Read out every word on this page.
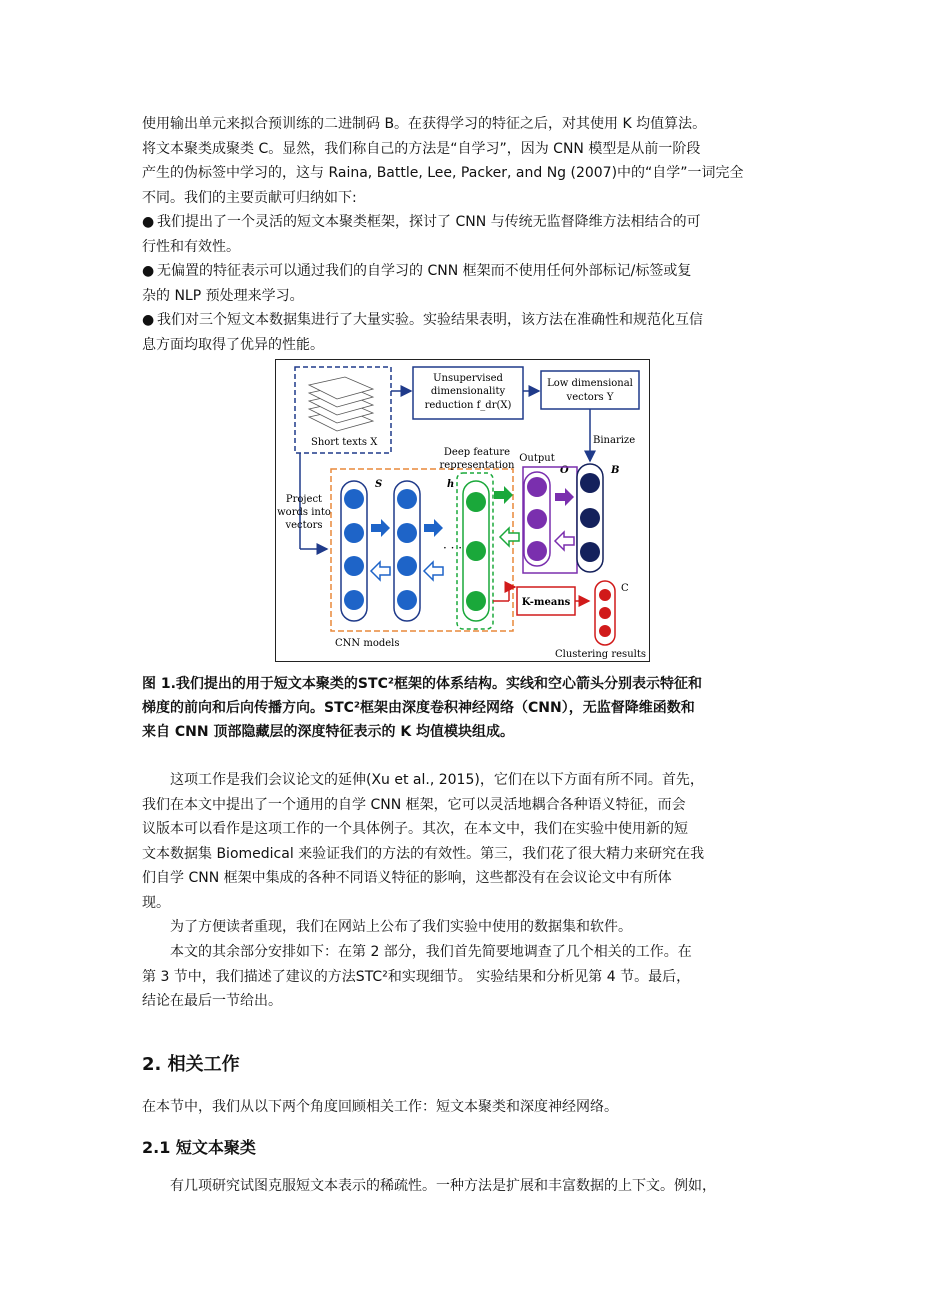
使用输出单元来拟合预训练的二进制码 B。在获得学习的特征之后，对其使用 K 均值算法。
将文本聚类成聚类 C。显然，我们称自己的方法是“自学习”，因为 CNN 模型是从前一阶段
产生的伪标签中学习的，这与 Raina, Battle, Lee, Packer, and Ng (2007)中的“自学”一词完全
不同。我们的主要贡献可归纳如下:
● 我们提出了一个灵活的短文本聚类框架，探讨了 CNN 与传统无监督降维方法相结合的可
行性和有效性。
● 无偏置的特征表示可以通过我们的自学习的 CNN 框架而不使用任何外部标记/标签或复
杂的 NLP 预处理来学习。
● 我们对三个短文本数据集进行了大量实验。实验结果表明，该方法在准确性和规范化互信
息方面均取得了优异的性能。
Short texts X
Unsupervised
dimensionality
reduction f_dr(X)
Low dimensional
vectors Y
Binarize
Project
words into
vectors
CNN models
S	h
· · ·
Deep feature
representation
Output
O	B
K-means
C
Clustering results
图 1.我们提出的用于短文本聚类的STC²框架的体系结构。实线和空心箭头分别表示特征和
梯度的前向和后向传播方向。STC²框架由深度卷积神经网络（CNN），无监督降维函数和
来自 CNN 顶部隐藏层的深度特征表示的 K 均值模块组成。
这项工作是我们会议论文的延伸(Xu et al., 2015)，它们在以下方面有所不同。首先，
我们在本文中提出了一个通用的自学 CNN 框架，它可以灵活地耦合各种语义特征，而会
议版本可以看作是这项工作的一个具体例子。其次，在本文中，我们在实验中使用新的短
文本数据集 Biomedical 来验证我们的方法的有效性。第三，我们花了很大精力来研究在我
们自学 CNN 框架中集成的各种不同语义特征的影响，这些都没有在会议论文中有所体
现。
为了方便读者重现，我们在网站上公布了我们实验中使用的数据集和软件。
本文的其余部分安排如下：在第 2 部分，我们首先简要地调查了几个相关的工作。在
第 3 节中，我们描述了建议的方法STC²和实现细节。 实验结果和分析见第 4 节。最后，
结论在最后一节给出。
2. 相关工作
在本节中，我们从以下两个角度回顾相关工作：短文本聚类和深度神经网络。
2.1 短文本聚类
有几项研究试图克服短文本表示的稀疏性。一种方法是扩展和丰富数据的上下文。例如，
